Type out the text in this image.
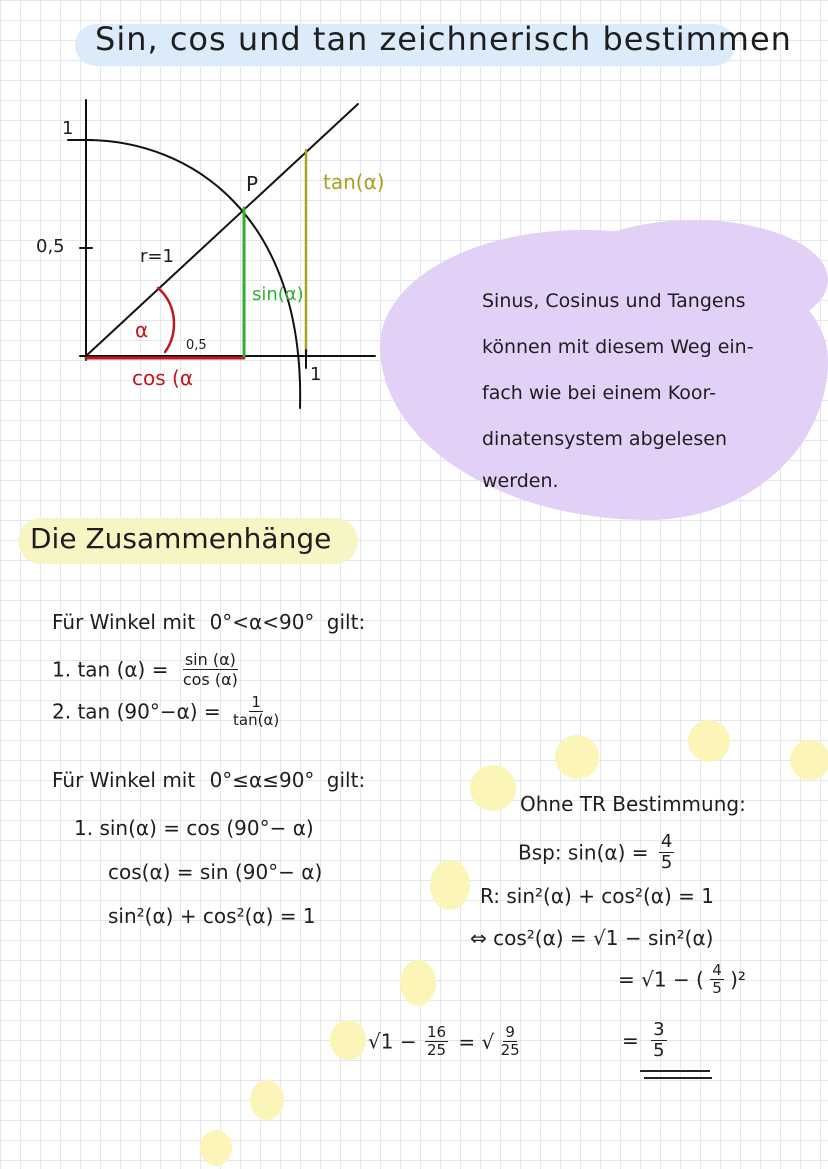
Sin, cos und tan zeichnerisch bestimmen
1
0,5
1
0,5
r=1
α
P
sin(α)
cos (α
tan(α)
Sinus, Cosinus und Tangens
können mit diesem Weg ein-
fach wie bei einem Koor-
dinatensystem abgelesen
werden.
Die Zusammenhänge
Für Winkel mit 0°<α<90° gilt:
1. $\tan (\alpha) = \frac{\sin (\alpha)}{\cos (\alpha)}$
2. $\tan (90^\circ-\alpha) = \frac{1}{\tan(\alpha)}$
Für Winkel mit 0°≤α≤90° gilt:
1. sin(α) = cos (90°− α)
cos(α) = sin (90°− α)
sin²(α) + cos²(α) = 1
Ohne TR Bestimmung:
Bsp: $\sin(\alpha) = \frac{4}{5}$
R: sin²(α) + cos²(α) = 1
⇔ cos²(α) = √1 − sin²(α)
= √1 − ( $\frac{4}{5} )^2$
$√1 - \frac{16}{25}$ = √ $\frac{9}{25}$	= $\frac{3}{5}$
